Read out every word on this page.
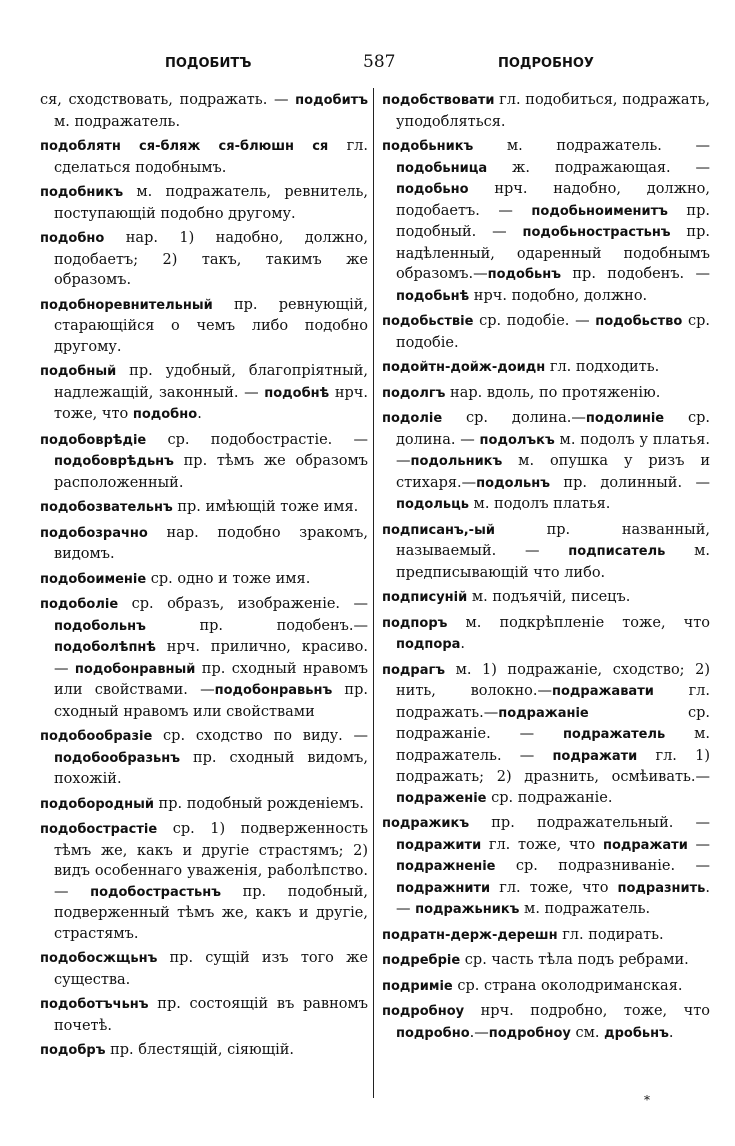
ПОДОБИТЪ	587	ПОДРОБНОУ
ся, сходствовать, подражать. — подобитъ м. подражатель.
подоблятн ся-бляж ся-блюшн ся гл. сделаться подобнымъ.
подобникъ м. подражатель, ревнитель, поступающій подобно другому.
подобно нар. 1) надобно, должно, подобаетъ; 2) такъ, такимъ же образомъ.
подобноревнительный пр. ревнующій, старающійся о чемъ либо подобно другому.
подобный пр. удобный, благопріятный, надлежащій, законный. — подобнѣ нрч. тоже, что подобно.
подобоврѣдіе ср. подобострастіе. — подобоврѣдьнъ пр. тѣмъ же образомъ расположенный.
подобозвательнъ пр. имѣющій тоже имя.
подобозрачно нар. подобно зракомъ, видомъ.
подобоименіе ср. одно и тоже имя.
подоболіе ср. образъ, изображеніе. — подобольнъ пр. подобенъ.—подоболѣпнѣ нрч. прилично, красиво. — подобонравный пр. сходный нравомъ или свойствами. —подобонравьнъ пр. сходный нравомъ или свойствами
подобообразіе ср. сходство по виду. —подобообразьнъ пр. сходный видомъ, похожій.
подобородный пр. подобный рожденіемъ.
подобострастіе ср. 1) подверженность тѣмъ же, какъ и другіе страстямъ; 2) видъ особеннаго уваженія, раболѣпство. — подобострастьнъ пр. подобный, подверженный тѣмъ же, какъ и другіе, страстямъ.
подобосжщьнъ пр. сущій изъ того же существа.
подоботъчьнъ пр. состоящій въ равномъ почетѣ.
подобръ пр. блестящій, сіяющій.
подобствовати гл. подобиться, подражать, уподобляться.
подобьникъ м. подражатель. — подобьница ж. подражающая. — подобьно нрч. надобно, должно, подобаетъ. — подобьноименитъ пр. подобный. — подобьнострастьнъ пр. надѣленный, одаренный подобнымъ образомъ.—подобьнъ пр. подобенъ. — подобьнѣ нрч. подобно, должно.
подобьствіе ср. подобіе. — подобьство ср. подобіе.
подойтн-дойж-доидн гл. подходить.
подолгъ нар. вдоль, по протяженію.
подоліе ср. долина.—подолиніе ср. долина. — подолъкъ м. подолъ у платья.—подольникъ м. опушка у ризъ и стихаря.—подольнъ пр. долинный. — подольць м. подолъ платья.
подписанъ,-ый пр. названный, называемый. — подписатель м. предписывающій что либо.
подписуній м. подъячій, писецъ.
подпоръ м. подкрѣпленіе тоже, что подпора.
подрагъ м. 1) подражаніе, сходство; 2) нить, волокно.—подражавати гл. подражать.—подражаніе ср. подражаніе. — подражатель м. подражатель. — подражати гл. 1) подражать; 2) дразнить, осмѣивать.—подраженіе ср. подражаніе.
подражикъ пр. подражательный. — подражити гл. тоже, что подражати —подражненіе ср. подразниваніе. —подражнити гл. тоже, что подразнить. — подражьникъ м. подражатель.
подратн-держ-дерешн гл. подирать.
подребріе ср. часть тѣла подъ ребрами.
подриміе ср. страна околодриманская.
подробноу нрч. подробно, тоже, что подробно.—подробноу см. дробьнъ.
*
